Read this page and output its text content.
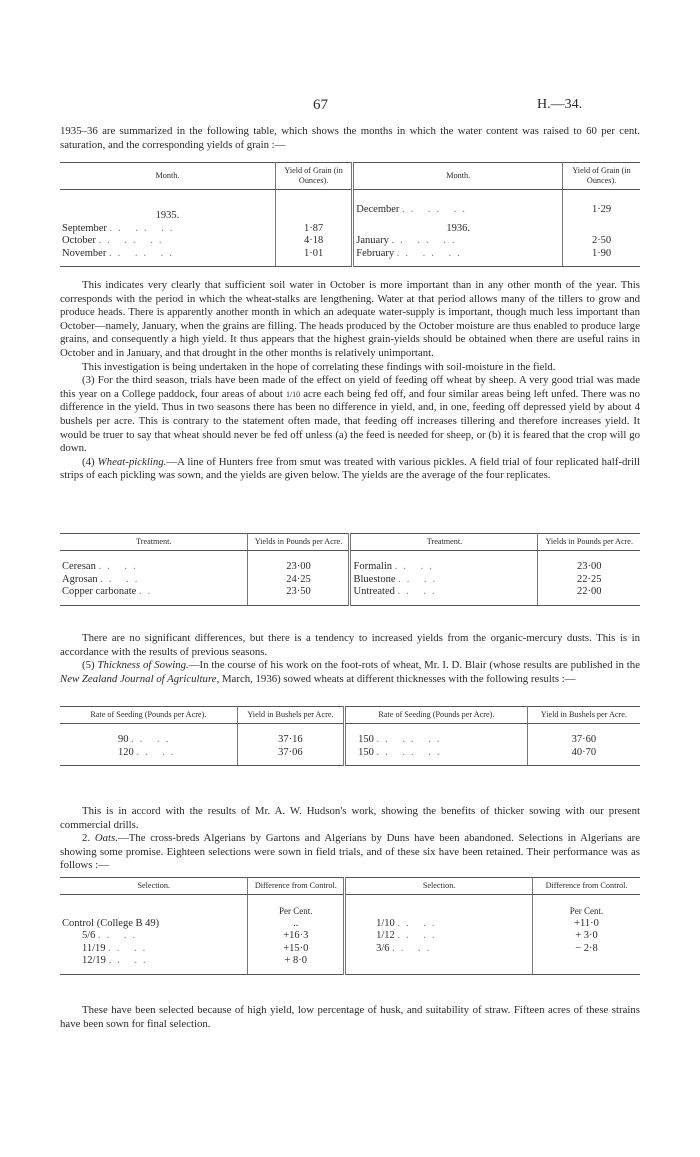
67	H.—34.

1935–36 are summarized in the following table, which shows the months in which the water content was raised to 60 per cent. saturation, and the corresponding yields of grain :—

Month.	Yield of Grain (in Ounces).	Month.	Yield of Grain (in Ounces).
1935.		December .. .. ..	1·29
September .. .. ..	1·87	1936.	
October .. .. ..	4·18	January .. .. ..	2·50
November .. .. ..	1·01	February .. .. ..	1·90

This indicates very clearly that sufficient soil water in October is more important than in any other month of the year. This corresponds with the period in which the wheat-stalks are lengthening. Water at that period allows many of the tillers to grow and produce heads. There is apparently another month in which an adequate water-supply is important, though much less important than October—namely, January, when the grains are filling. The heads produced by the October moisture are thus enabled to produce large grains, and consequently a high yield. It thus appears that the highest grain-yields should be obtained when there are useful rains in October and in January, and that drought in the other months is relatively unimportant.

This investigation is being undertaken in the hope of correlating these findings with soil-moisture in the field.

(3) For the third season, trials have been made of the effect on yield of feeding off wheat by sheep. A very good trial was made this year on a College paddock, four areas of about 1/10 acre each being fed off, and four similar areas being left unfed. There was no difference in the yield. Thus in two seasons there has been no difference in yield, and, in one, feeding off depressed yield by about 4 bushels per acre. This is contrary to the statement often made, that feeding off increases tillering and therefore increases yield. It would be truer to say that wheat should never be fed off unless (a) the feed is needed for sheep, or (b) it is feared that the crop will go down.

(4) Wheat-pickling.—A line of Hunters free from smut was treated with various pickles. A field trial of four replicated half-drill strips of each pickling was sown, and the yields are given below. The yields are the average of the four replicates.

Treatment.	Yields in Pounds per Acre.	Treatment.	Yields in Pounds per Acre.
Ceresan .. ..	23·00	Formalin .. ..	23·00
Agrosan .. ..	24·25	Bluestone .. ..	22·25
Copper carbonate ..	23·50	Untreated .. ..	22·00

There are no significant differences, but there is a tendency to increased yields from the organic-mercury dusts. This is in accordance with the results of previous seasons.

(5) Thickness of Sowing.—In the course of his work on the foot-rots of wheat, Mr. I. D. Blair (whose results are published in the New Zealand Journal of Agriculture, March, 1936) sowed wheats at different thicknesses with the following results :—

Rate of Seeding (Pounds per Acre).	Yield in Bushels per Acre.	Rate of Seeding (Pounds per Acre).	Yield in Bushels per Acre.
90 .. ..	37·16	150 .. .. ..	37·60
120 .. ..	37·06	150 .. .. ..	40·70

This is in accord with the results of Mr. A. W. Hudson's work, showing the benefits of thicker sowing with our present commercial drills.

2. Oats.—The cross-breds Algerians by Gartons and Algerians by Duns have been abandoned. Selections in Algerians are showing some promise. Eighteen selections were sown in field trials, and of these six have been retained. Their performance was as follows :—

Selection.	Difference from Control.	Selection.	Difference from Control.
	Per Cent.		Per Cent.
Control (College B 49)	..	1/10 .. ..	+11·0
5/6 .. ..	+16·3	1/12 .. ..	+ 3·0
11/19 .. ..	+15·0	3/6 .. ..	− 2·8
12/19 .. ..	+ 8·0		

These have been selected because of high yield, low percentage of husk, and suitability of straw. Fifteen acres of these strains have been sown for final selection.
